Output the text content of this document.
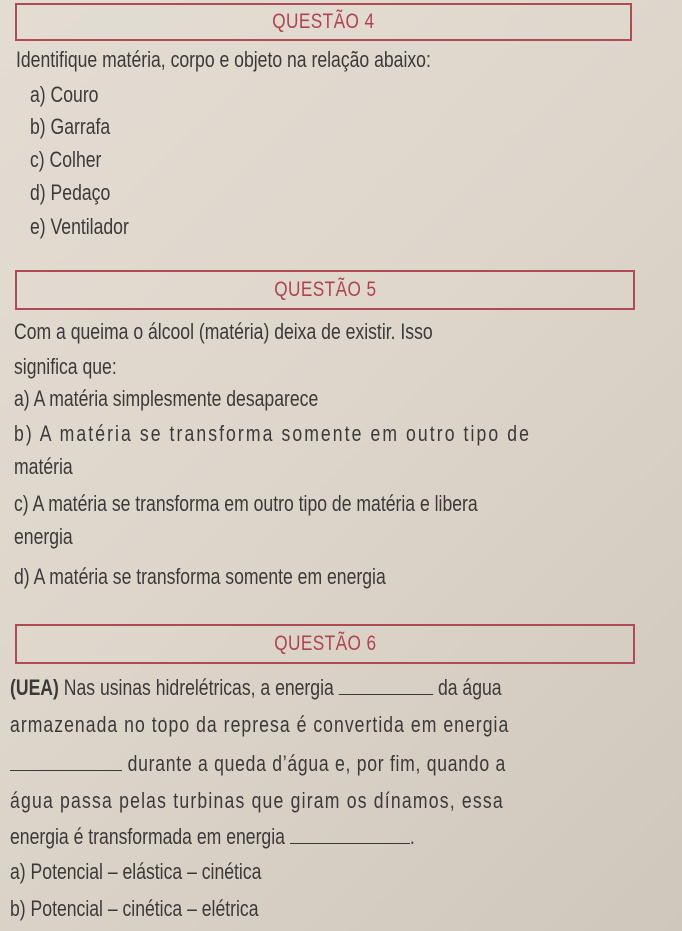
QUESTÃO 4
Identifique matéria, corpo e objeto na relação abaixo:
a) Couro
b) Garrafa
c) Colher
d) Pedaço
e) Ventilador
QUESTÃO 5
Com a queima o álcool (matéria) deixa de existir. Isso
significa que:
a) A matéria simplesmente desaparece
b) A matéria se transforma somente em outro tipo de
matéria
c) A matéria se transforma em outro tipo de matéria e libera
energia
d) A matéria se transforma somente em energia
QUESTÃO 6
(UEA) Nas usinas hidrelétricas, a energia	da água
armazenada no topo da represa é convertida em energia
durante a queda d’água e, por fim, quando a
água passa pelas turbinas que giram os dínamos, essa
energia é transformada em energia	.
a) Potencial – elástica – cinética
b) Potencial – cinética – elétrica
